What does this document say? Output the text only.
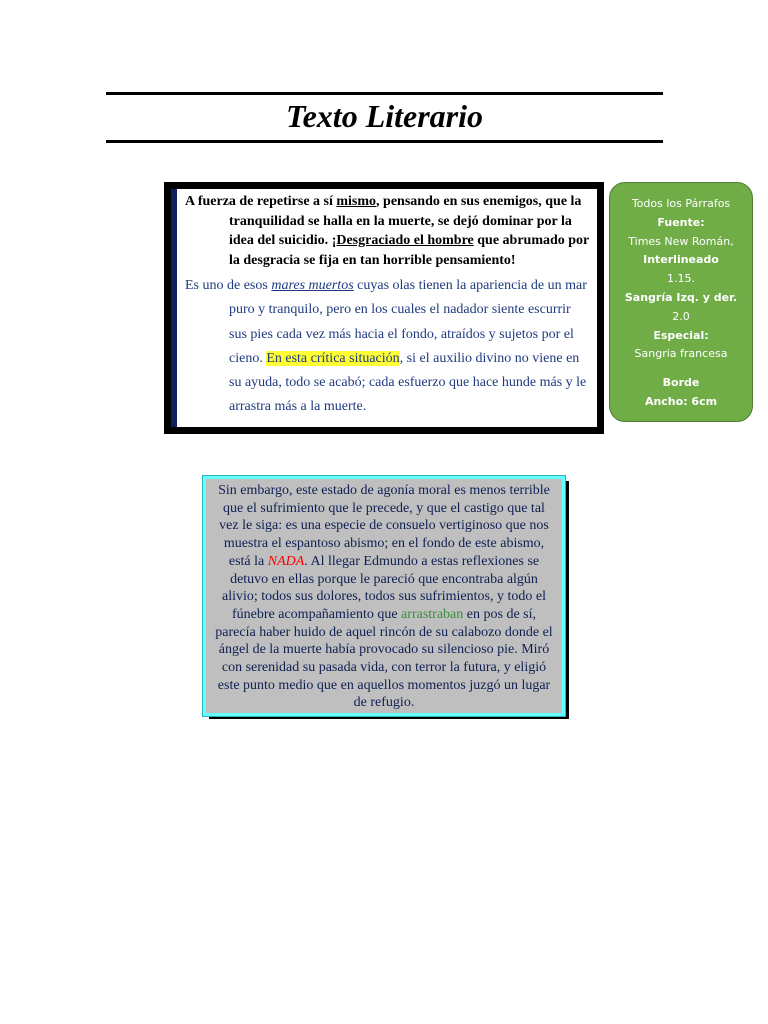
Texto Literario

A fuerza de repetirse a sí mismo, pensando en sus enemigos, que la tranquilidad se halla en la muerte, se dejó dominar por la idea del suicidio. ¡Desgraciado el hombre que abrumado por la desgracia se fija en tan horrible pensamiento!

Es uno de esos mares muertos cuyas olas tienen la apariencia de un mar puro y tranquilo, pero en los cuales el nadador siente escurrir sus pies cada vez más hacia el fondo, atraídos y sujetos por el cieno. En esta crítica situación, si el auxilio divino no viene en su ayuda, todo se acabó; cada esfuerzo que hace hunde más y le arrastra más a la muerte.

Todos los Párrafos
Fuente:
Times New Román,
Interlineado
1.15.
Sangría Izq. y der.
2.0
Especial:
Sangria francesa
Borde
Ancho: 6cm

Sin embargo, este estado de agonía moral es menos terrible que el sufrimiento que le precede, y que el castigo que tal vez le siga: es una especie de consuelo vertiginoso que nos muestra el espantoso abismo; en el fondo de este abismo, está la NADA. Al llegar Edmundo a estas reflexiones se detuvo en ellas porque le pareció que encontraba algún alivio; todos sus dolores, todos sus sufrimientos, y todo el fúnebre acompañamiento que arrastraban en pos de sí, parecía haber huido de aquel rincón de su calabozo donde el ángel de la muerte había provocado su silencioso pie. Miró con serenidad su pasada vida, con terror la futura, y eligió este punto medio que en aquellos momentos juzgó un lugar de refugio.
